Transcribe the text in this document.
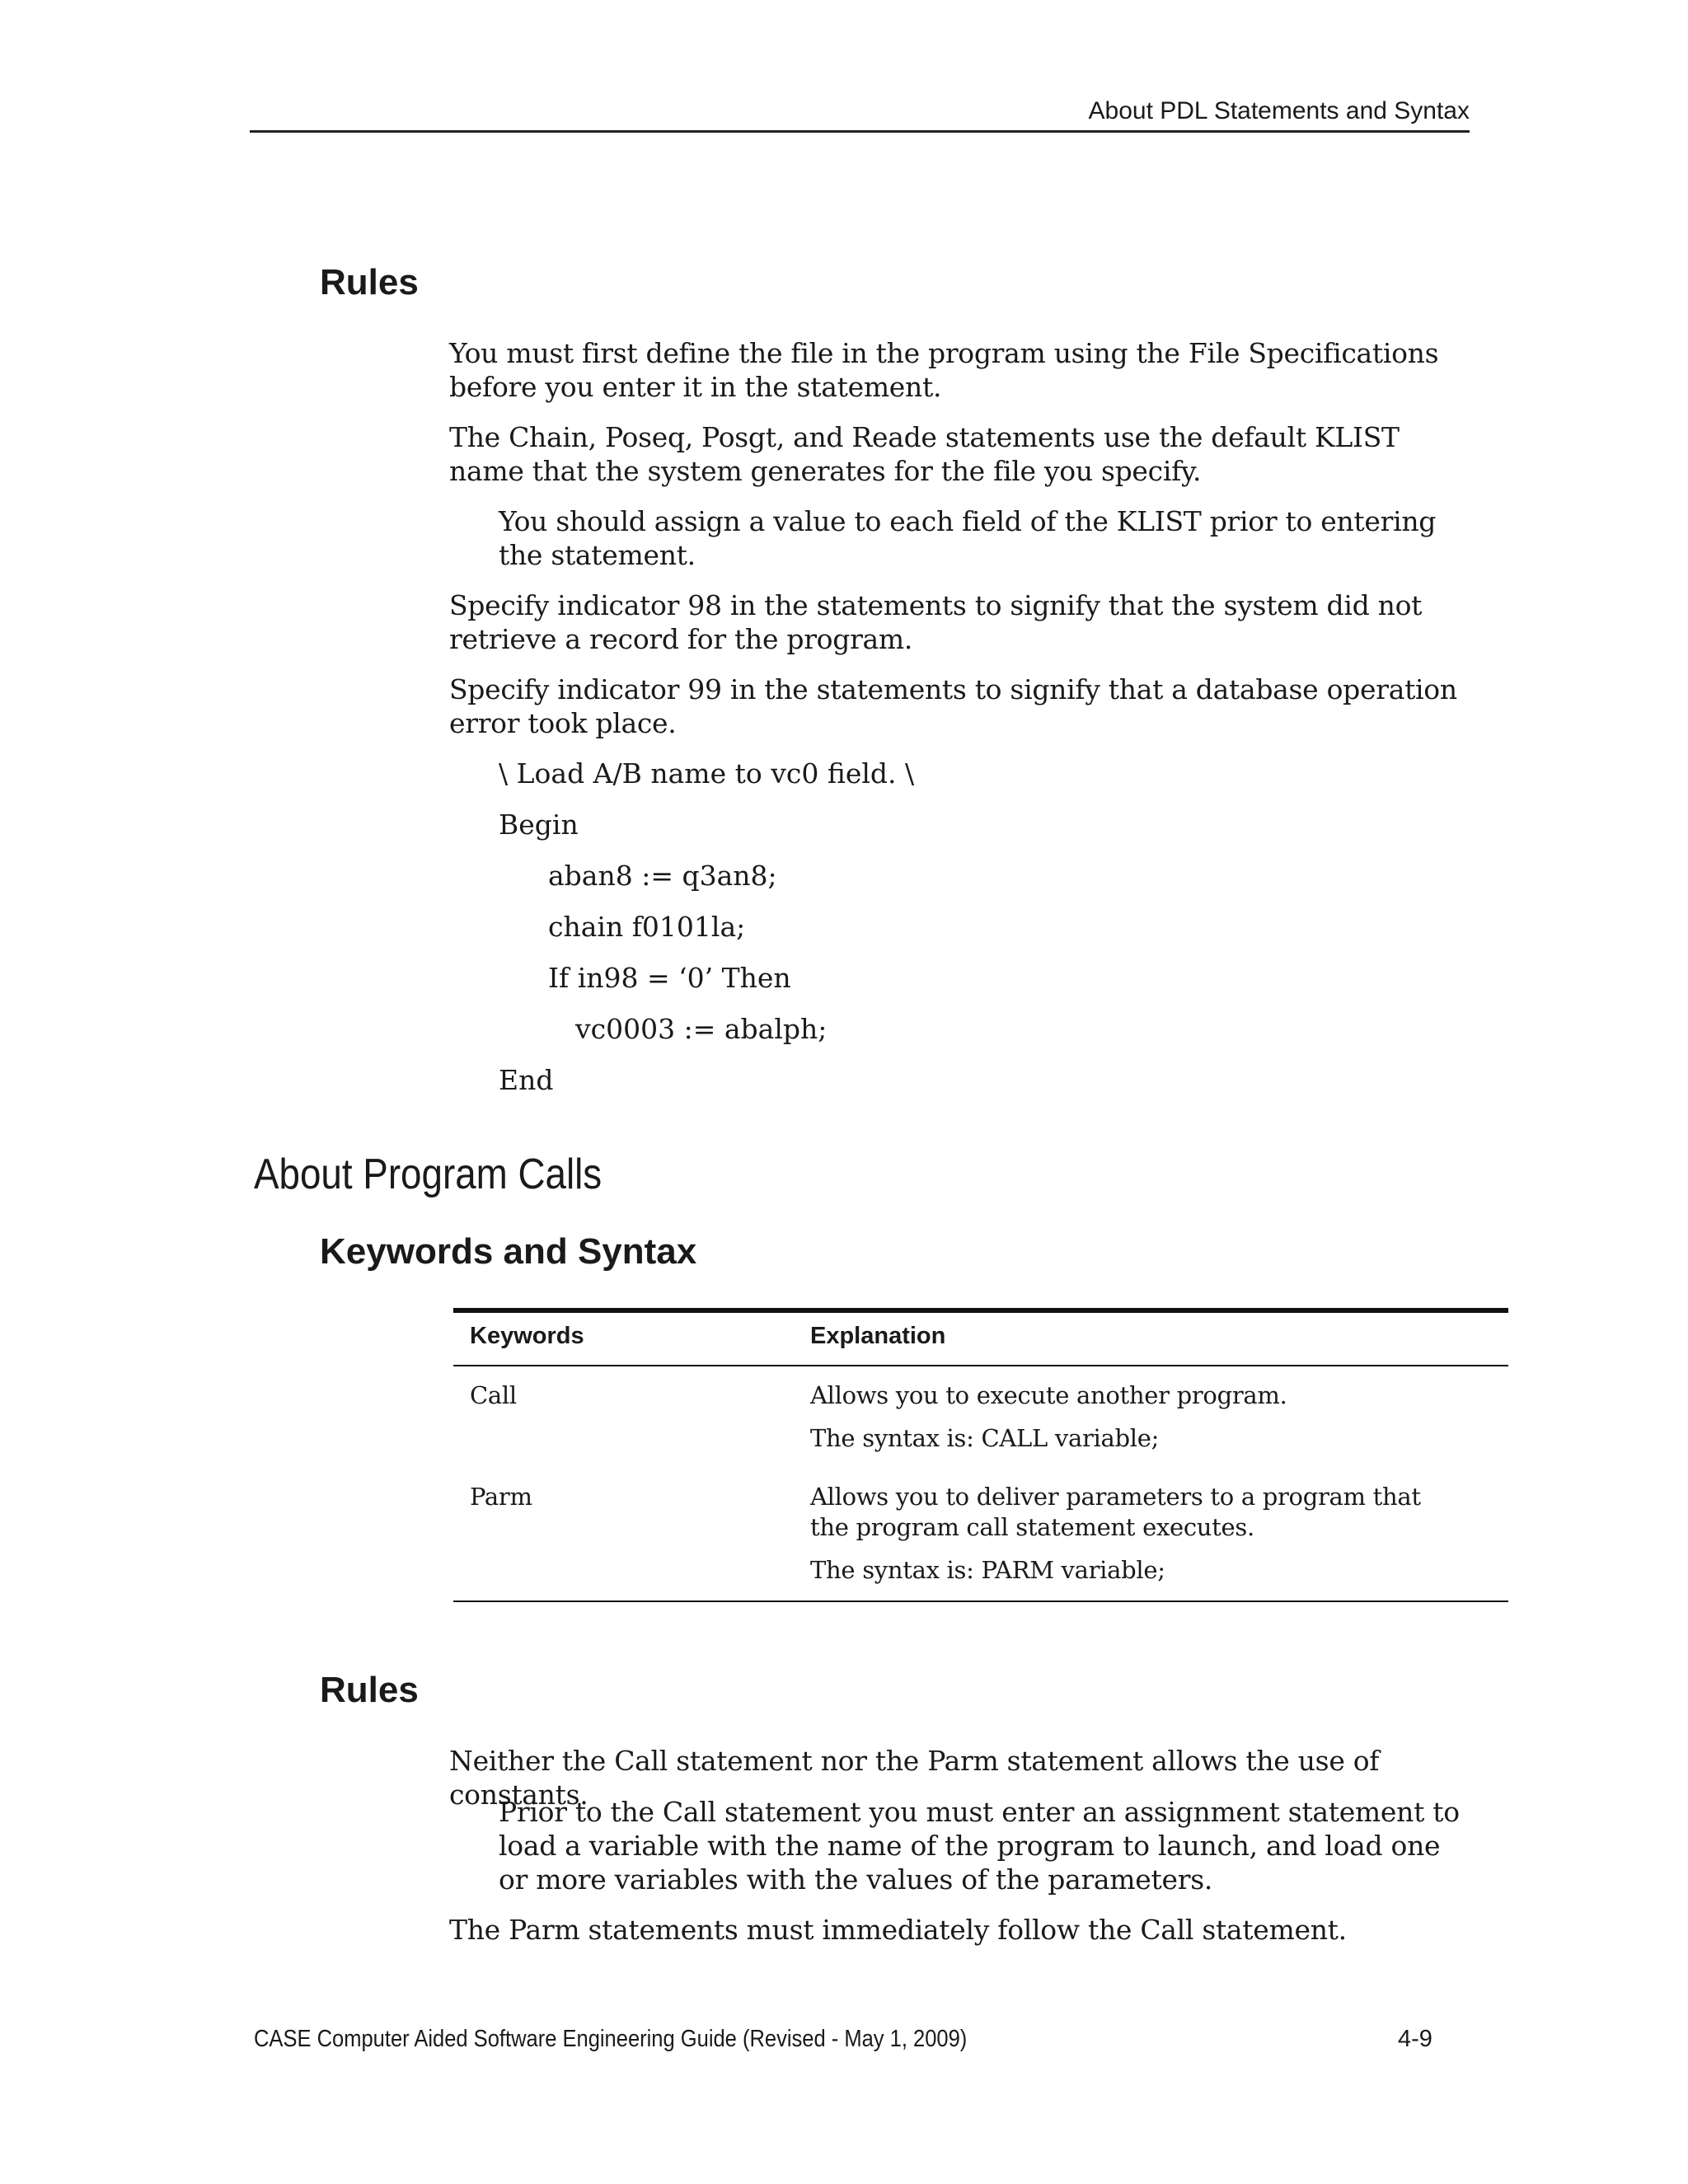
About PDL Statements and Syntax
Rules
You must first define the file in the program using the File Specifications before you enter it in the statement.
The Chain, Poseq, Posgt, and Reade statements use the default KLIST name that the system generates for the file you specify.
You should assign a value to each field of the KLIST prior to entering the statement.
Specify indicator 98 in the statements to signify that the system did not retrieve a record for the program.
Specify indicator 99 in the statements to signify that a database operation error took place.
\ Load A/B name to vc0 field. \
Begin
aban8 := q3an8;
chain f0101la;
If in98 = ‘0’ Then
vc0003 := abalph;
End
About Program Calls
Keywords and Syntax
Keywords	Explanation
Call	Allows you to execute another program.
The syntax is: CALL variable;
Parm	Allows you to deliver parameters to a program that the program call statement executes.
The syntax is: PARM variable;
Rules
Neither the Call statement nor the Parm statement allows the use of constants.
Prior to the Call statement you must enter an assignment statement to load a variable with the name of the program to launch, and load one or more variables with the values of the parameters.
The Parm statements must immediately follow the Call statement.
CASE Computer Aided Software Engineering Guide (Revised - May 1, 2009)	4-9
